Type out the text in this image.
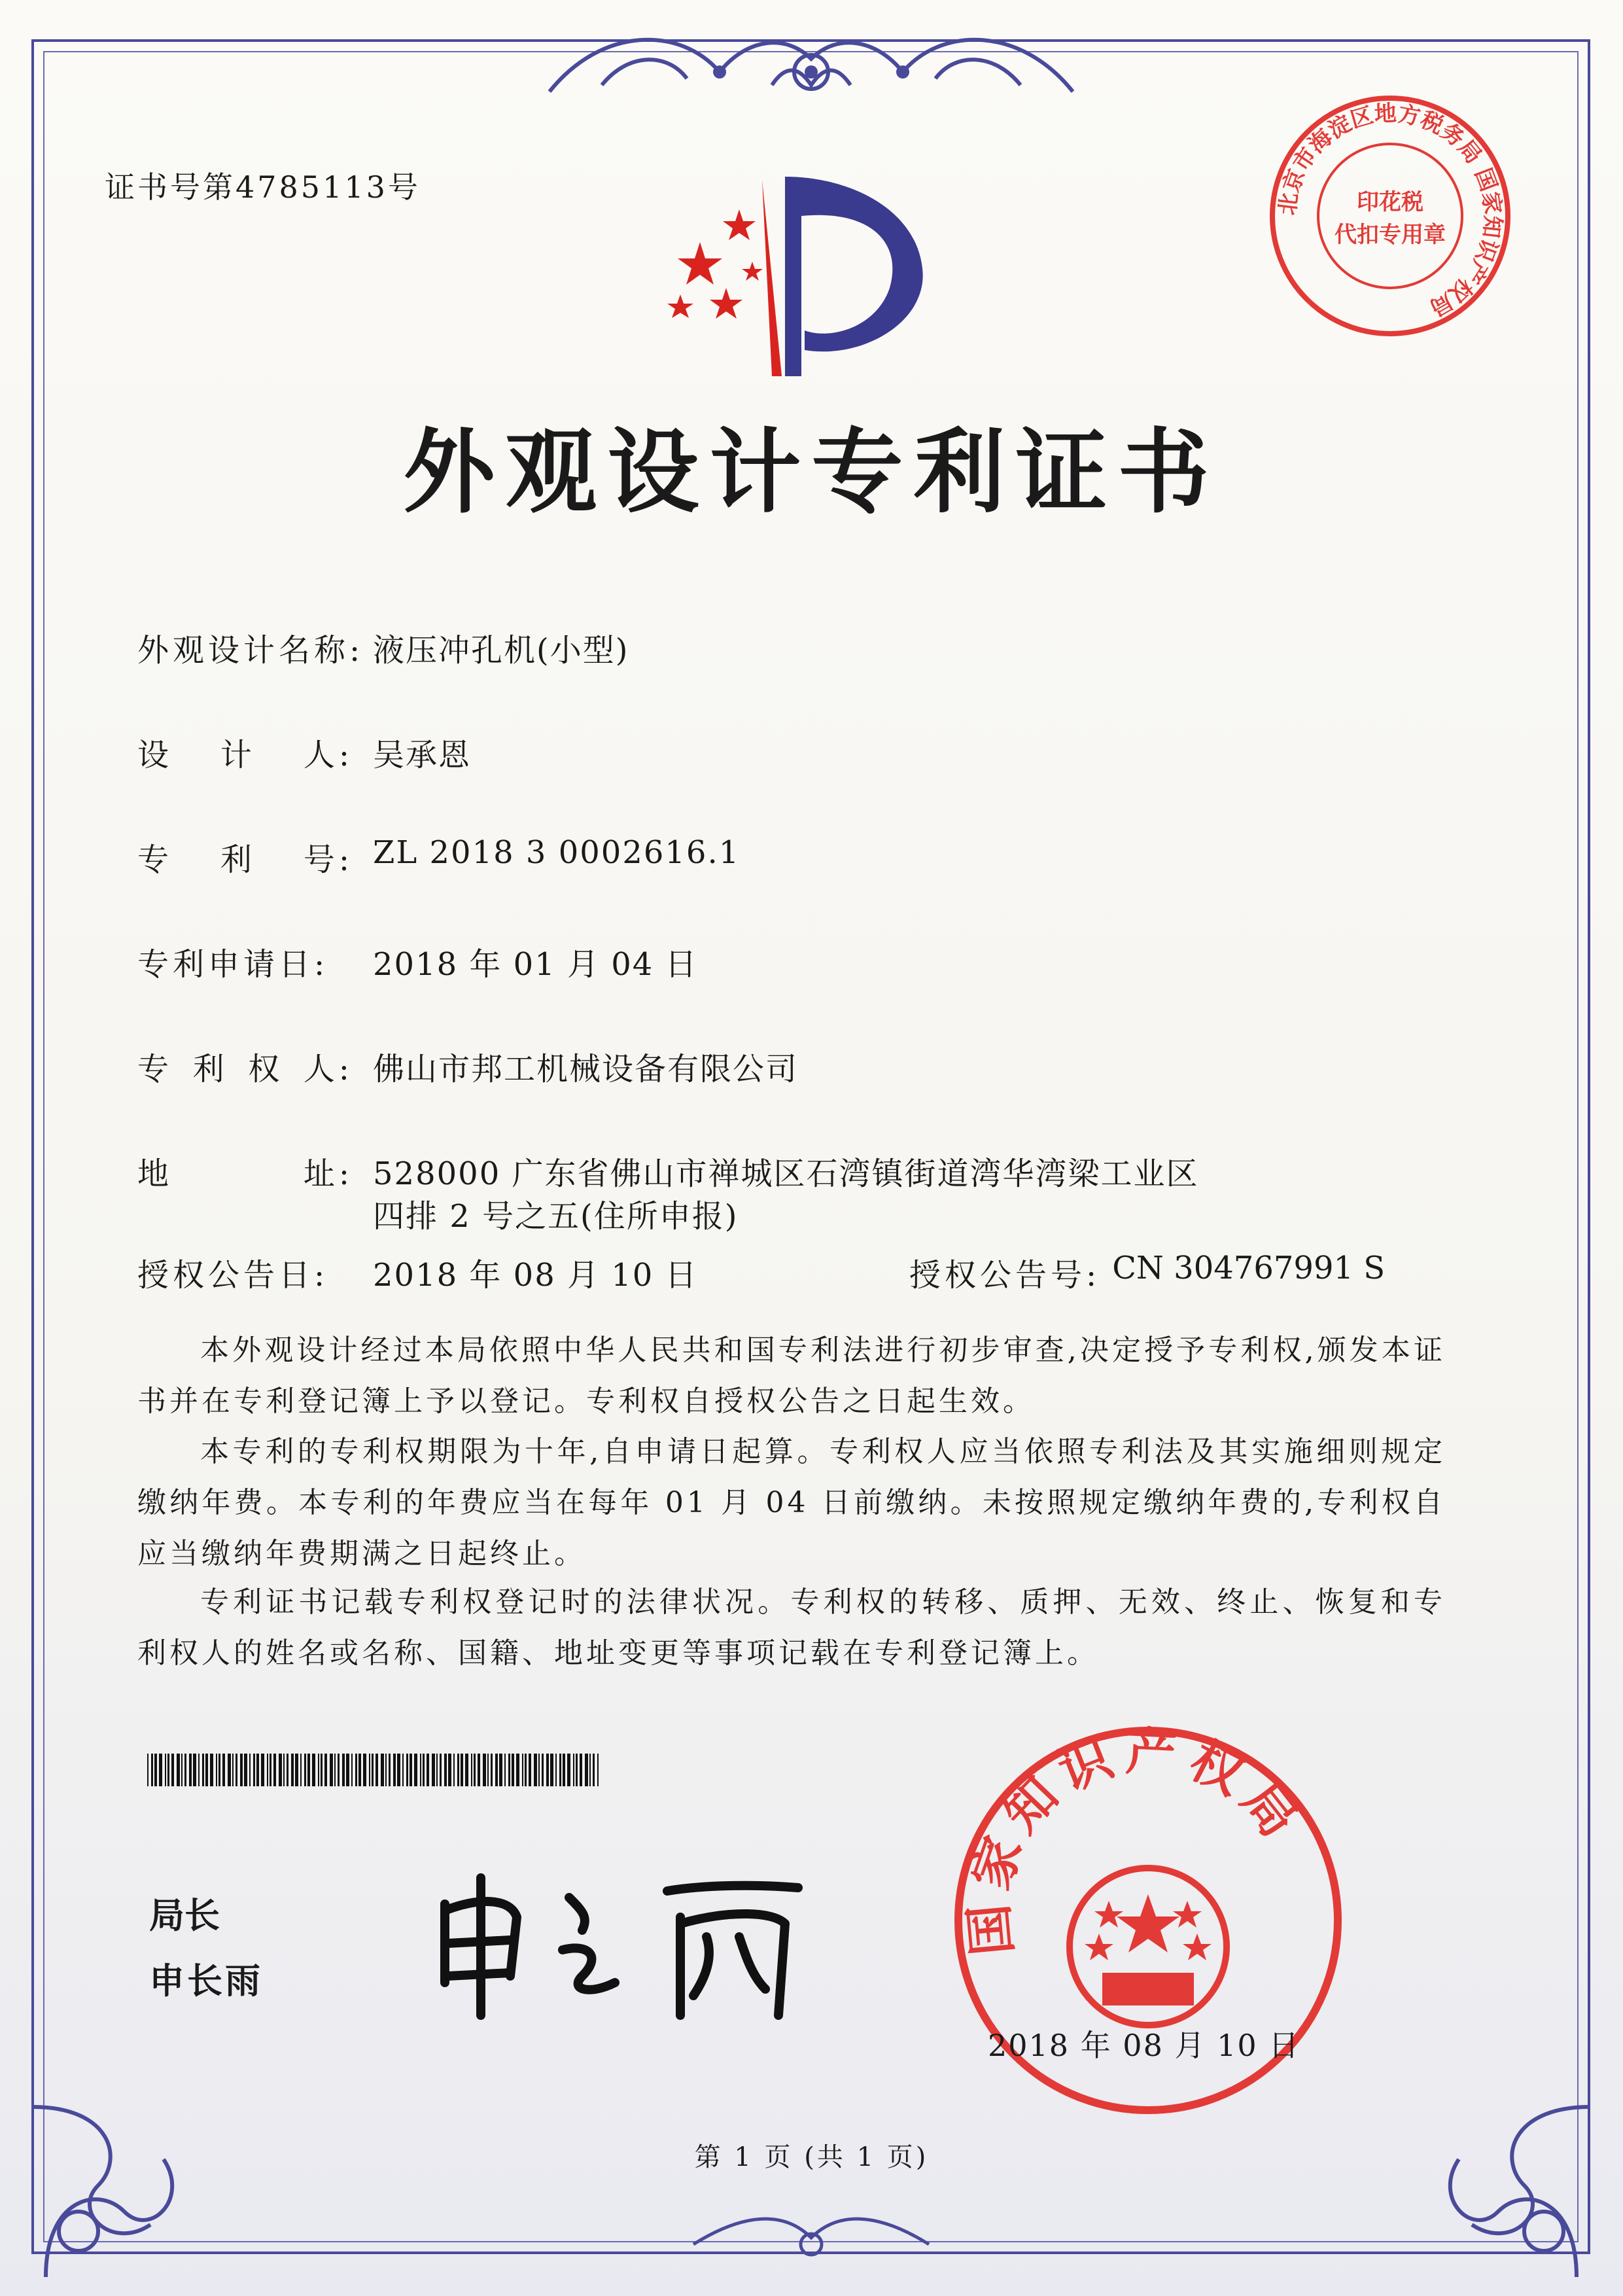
证书号第4785113号	北京市海淀区地方税务局 国家知识产权局
印花税
代扣专用章
外观设计专利证书
外观设计名称: 液压冲孔机(小型)
设 计 人: 吴承恩
专 利 号: ZL 2018 3 0002616.1
专利申请日:	2018 年 01 月 04 日
专 利 权 人: 佛山市邦工机械设备有限公司
地	址: 528000 广东省佛山市禅城区石湾镇街道湾华湾梁工业区
四排 2 号之五(住所申报)
授权公告日:	2018 年 08 月 10 日	授权公告号: CN 304767991 S
本外观设计经过本局依照中华人民共和国专利法进行初步审查,决定授予专利权,颁发本证书并在专利登记簿上予以登记。专利权自授权公告之日起生效。
本专利的专利权期限为十年,自申请日起算。专利权人应当依照专利法及其实施细则规定缴纳年费。本专利的年费应当在每年 01 月 04 日前缴纳。未按照规定缴纳年费的,专利权自应当缴纳年费期满之日起终止。
专利证书记载专利权登记时的法律状况。专利权的转移、质押、无效、终止、恢复和专利权人的姓名或名称、国籍、地址变更等事项记载在专利登记簿上。
局长
申长雨
国家知识产权局
2018 年 08 月 10 日
第 1 页 (共 1 页)
